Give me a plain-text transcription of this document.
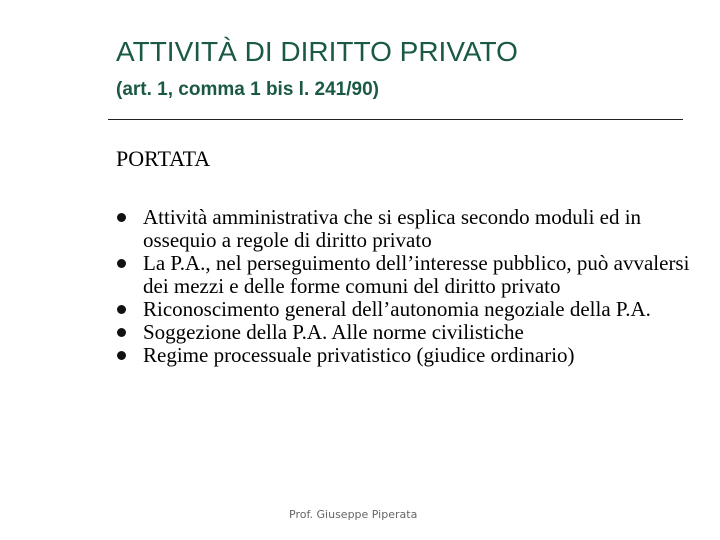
ATTIVITÀ DI DIRITTO PRIVATO
(art. 1, comma 1 bis l. 241/90)
PORTATA
Attività amministrativa che si esplica secondo moduli ed in ossequio a regole di diritto privato
La P.A., nel perseguimento dell’interesse pubblico, può avvalersi dei mezzi e delle forme comuni del diritto privato
Riconoscimento general dell’autonomia negoziale della P.A.
Soggezione della P.A. Alle norme civilistiche
Regime processuale privatistico (giudice ordinario)
Prof. Giuseppe Piperata
